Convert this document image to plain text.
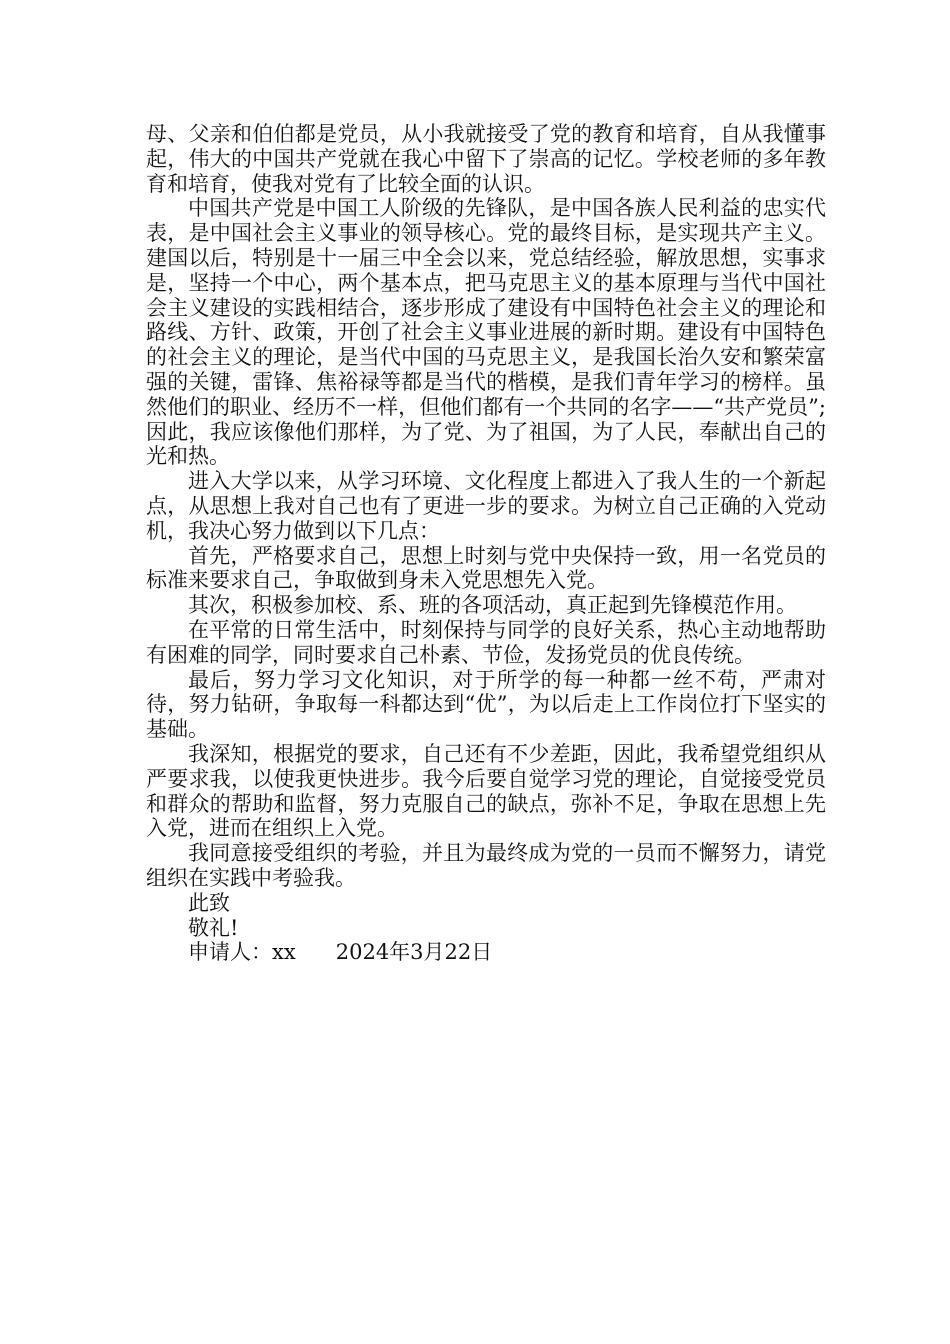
母、父亲和伯伯都是党员，从小我就接受了党的教育和培育，自从我懂事起，伟大的中国共产党就在我心中留下了崇高的记忆。学校老师的多年教育和培育，使我对党有了比较全面的认识。

中国共产党是中国工人阶级的先锋队，是中国各族人民利益的忠实代表，是中国社会主义事业的领导核心。党的最终目标，是实现共产主义。建国以后，特别是十一届三中全会以来，党总结经验，解放思想，实事求是，坚持一个中心，两个基本点，把马克思主义的基本原理与当代中国社会主义建设的实践相结合，逐步形成了建设有中国特色社会主义的理论和路线、方针、政策，开创了社会主义事业进展的新时期。建设有中国特色的社会主义的理论，是当代中国的马克思主义，是我国长治久安和繁荣富强的关键，雷锋、焦裕禄等都是当代的楷模，是我们青年学习的榜样。虽然他们的职业、经历不一样，但他们都有一个共同的名字——“共产党员”;因此，我应该像他们那样，为了党、为了祖国，为了人民，奉献出自己的光和热。

进入大学以来，从学习环境、文化程度上都进入了我人生的一个新起点，从思想上我对自己也有了更进一步的要求。为树立自己正确的入党动机，我决心努力做到以下几点：

首先，严格要求自己，思想上时刻与党中央保持一致，用一名党员的标准来要求自己，争取做到身未入党思想先入党。

其次，积极参加校、系、班的各项活动，真正起到先锋模范作用。

在平常的日常生活中，时刻保持与同学的良好关系，热心主动地帮助有困难的同学，同时要求自己朴素、节俭，发扬党员的优良传统。

最后，努力学习文化知识，对于所学的每一种都一丝不苟，严肃对待，努力钻研，争取每一科都达到“优”，为以后走上工作岗位打下坚实的基础。

我深知，根据党的要求，自己还有不少差距，因此，我希望党组织从严要求我，以使我更快进步。我今后要自觉学习党的理论，自觉接受党员和群众的帮助和监督，努力克服自己的缺点，弥补不足，争取在思想上先入党，进而在组织上入党。

我同意接受组织的考验，并且为最终成为党的一员而不懈努力，请党组织在实践中考验我。

此致

敬礼!

申请人：xx      2024年3月22日
